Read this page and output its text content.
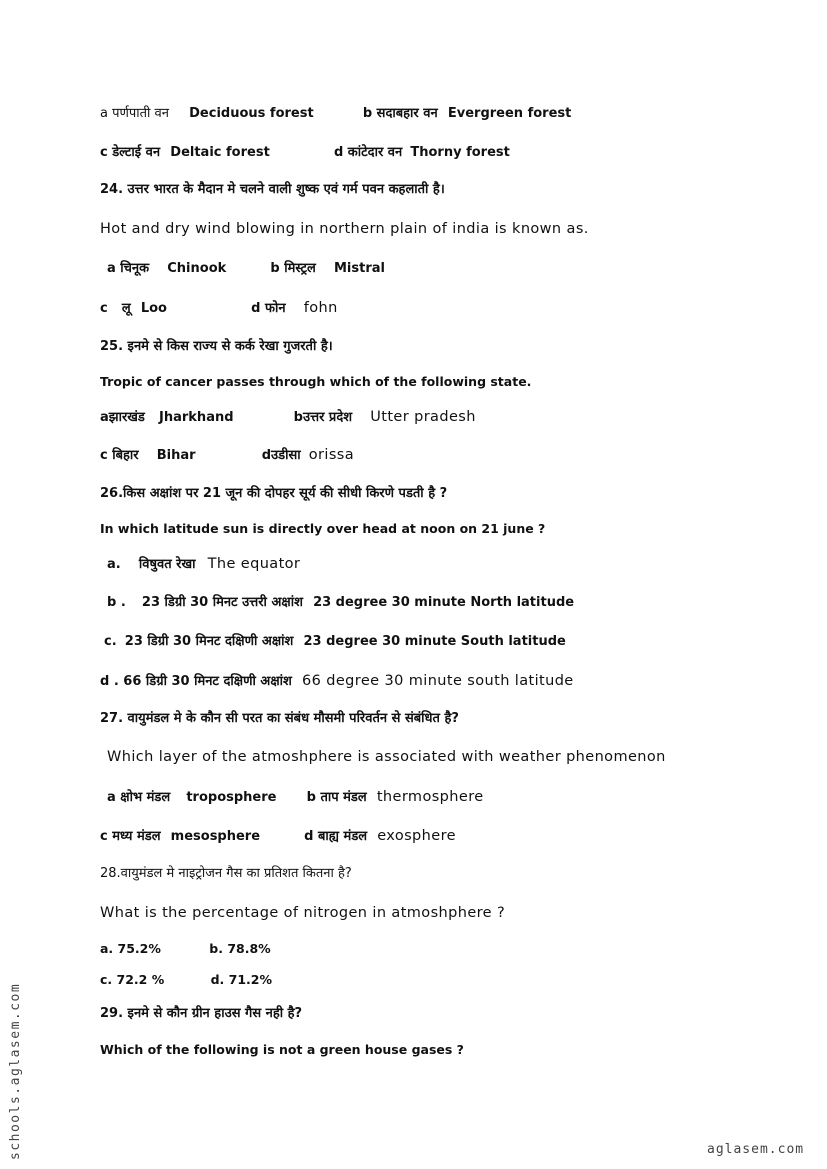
a पर्णपाती वन Deciduous forest	b सदाबहार वन Evergreen forest
c डेल्टाई वन Deltaic forest	d कांटेदार वन Thorny forest
24. उत्तर भारत के मैदान मे चलने वाली शुष्क एवं गर्म पवन कहलाती है।
Hot and dry wind blowing in northern plain of india is known as.
a चिनूक Chinook	b मिस्ट्रल Mistral
c लू Loo	d फोन fohn
25. इनमे से किस राज्य से कर्क रेखा गुजरती है।
Tropic of cancer passes through which of the following state.
aझारखंड Jharkhand	bउत्तर प्रदेश Utter pradesh
c बिहार Bihar	dउडीसा orissa
26.किस अक्षांश पर 21 जून की दोपहर सूर्य की सीधी किरणे पडती है ?
In which latitude sun is directly over head at noon on 21 june ?
a. विषुवत रेखा The equator
b . 23 डिग्री 30 मिनट उत्तरी अक्षांश 23 degree 30 minute North latitude
c. 23 डिग्री 30 मिनट दक्षिणी अक्षांश 23 degree 30 minute South latitude
d . 66 डिग्री 30 मिनट दक्षिणी अक्षांश 66 degree 30 minute south latitude
27. वायुमंडल मे के कौन सी परत का संबंध मौसमी परिवर्तन से संबंधित है?
Which layer of the atmoshphere is associated with weather phenomenon
a क्षोभ मंडल troposphere b ताप मंडल thermosphere
c मध्य मंडल mesosphere	d बाह्य मंडल exosphere
28.वायुमंडल मे नाइट्रोजन गैस का प्रतिशत कितना है?
What is the percentage of nitrogen in atmoshphere ?
a. 75.2%	b. 78.8%
c. 72.2 %	d. 71.2%
29. इनमे से कौन ग्रीन हाउस गैस नही है?
Which of the following is not a green house gases ?
schools.aglasem.com	aglasem.com
